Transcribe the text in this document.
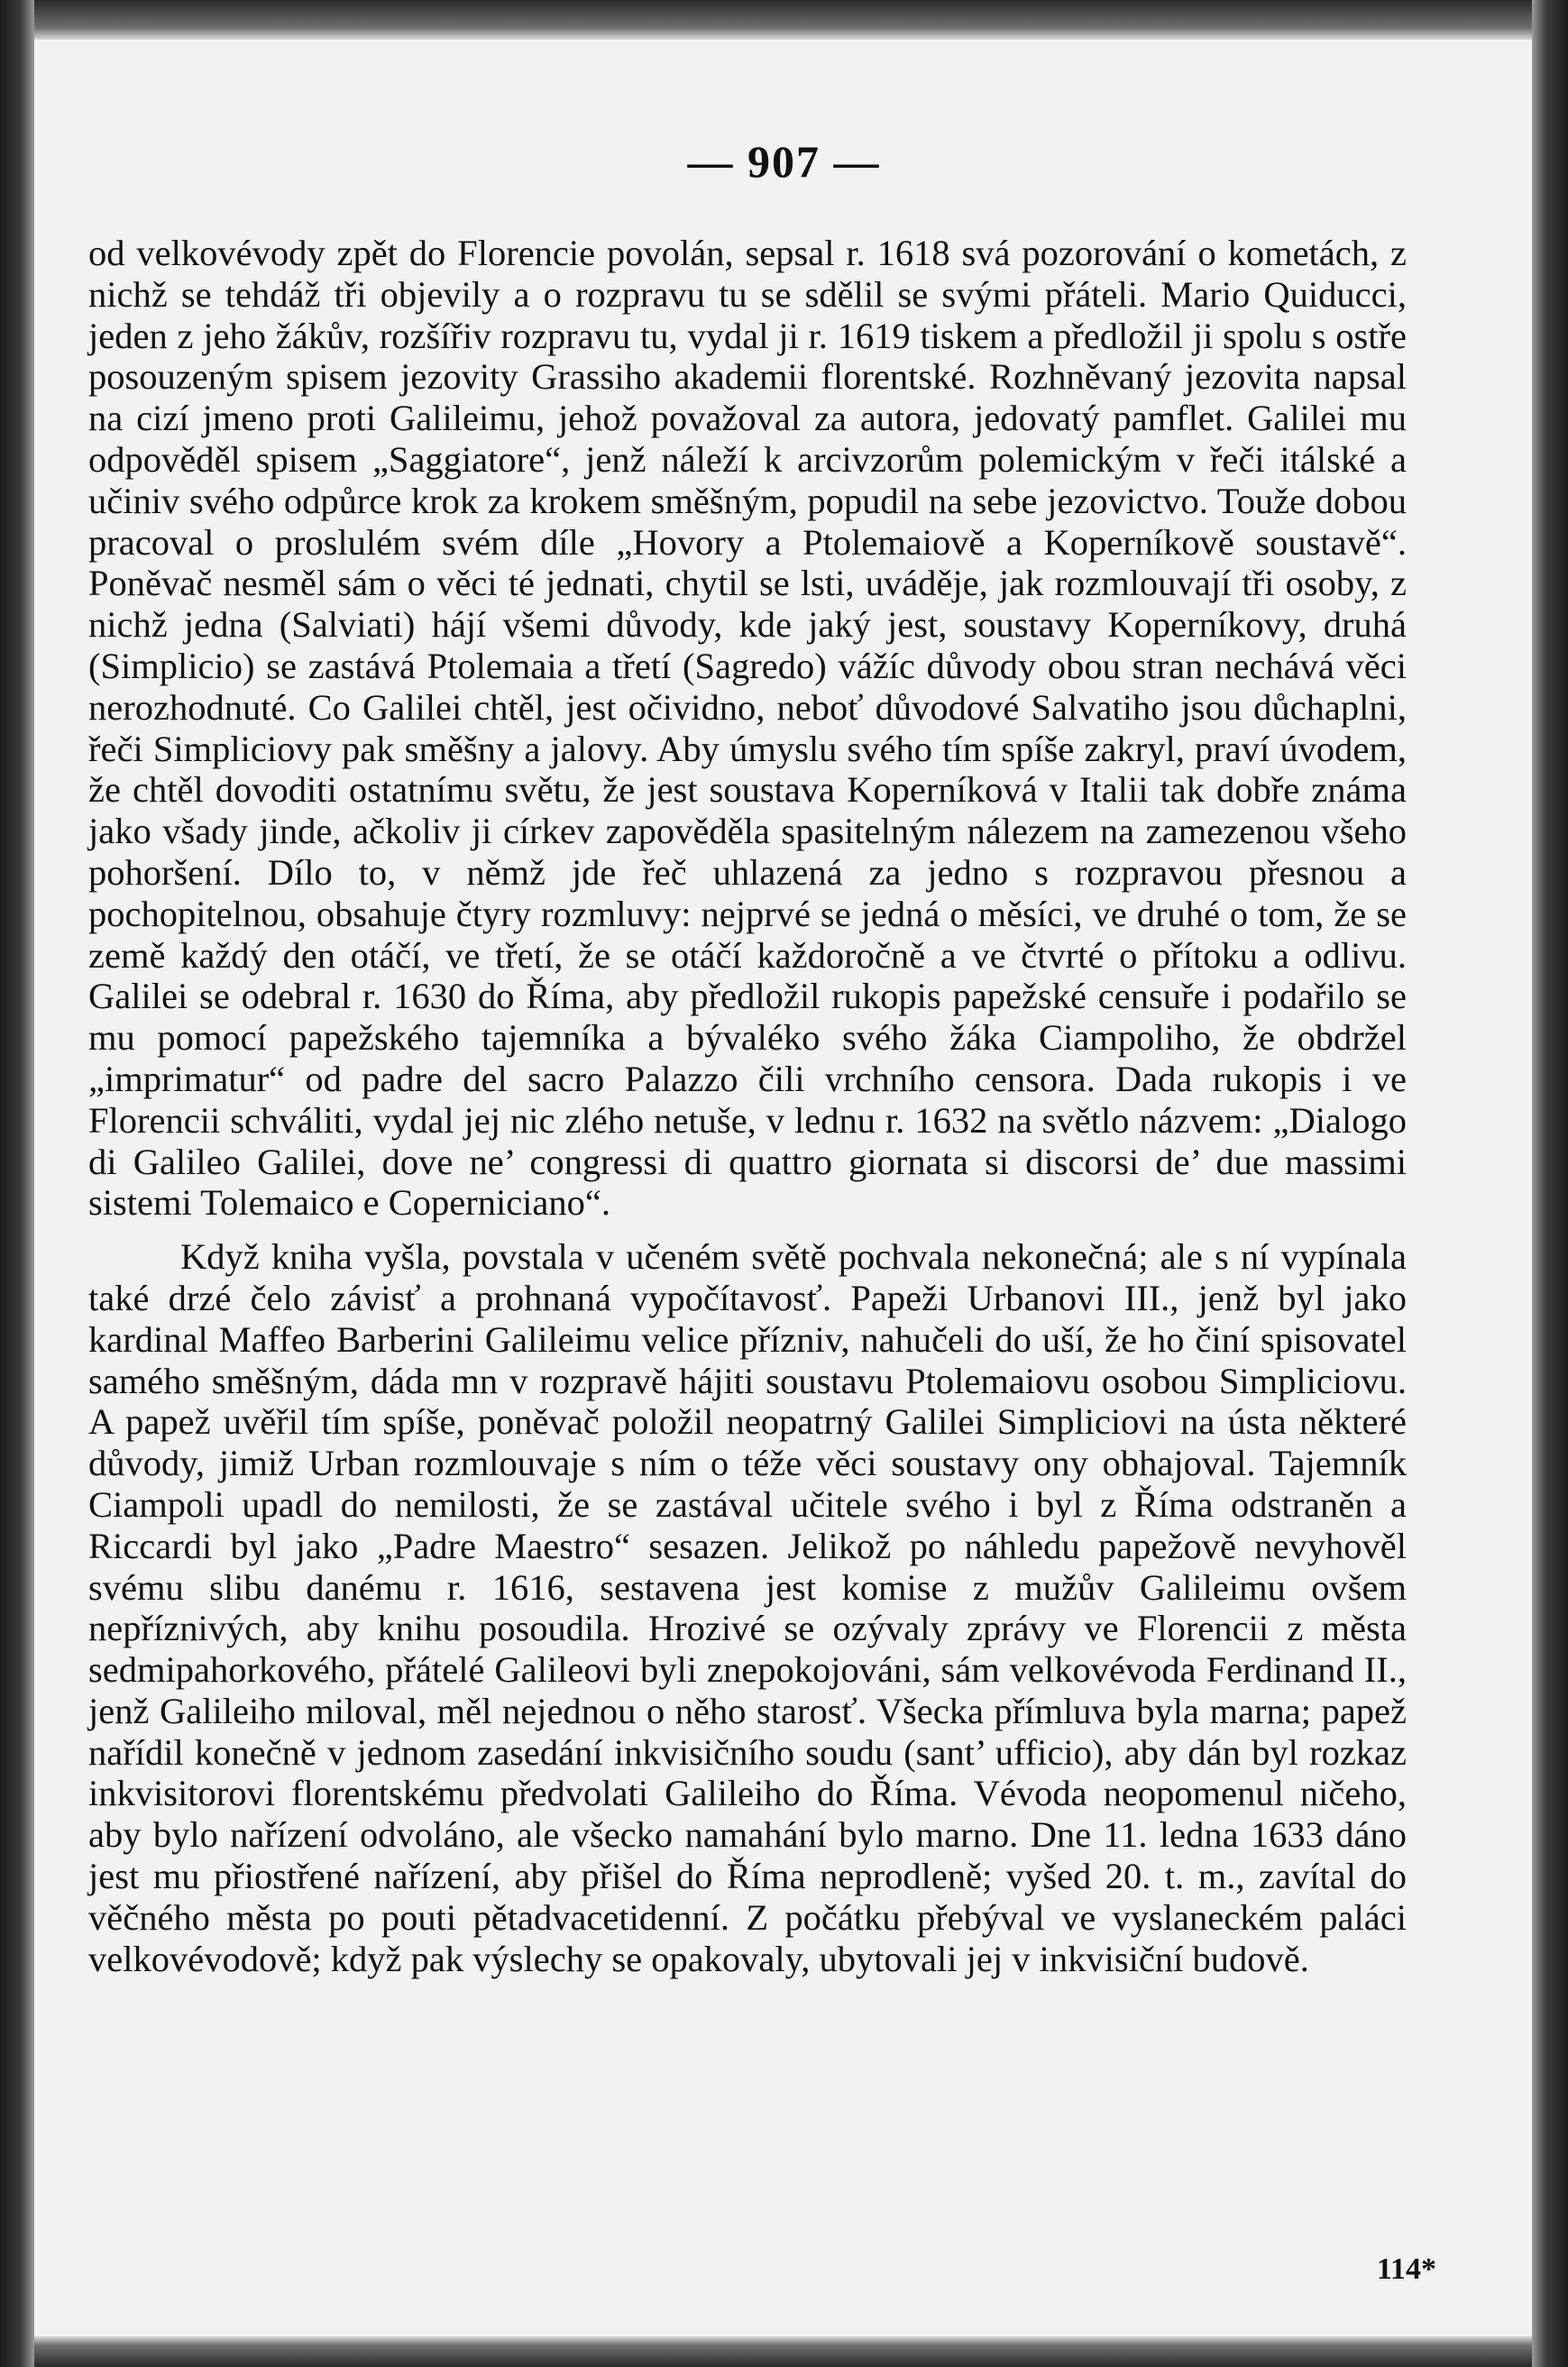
— 907 —

od velkovévody zpět do Florencie povolán, sepsal r. 1618 svá pozorování o kometách, z nichž se tehdáž tři objevily a o rozpravu tu se sdělil se svými přáteli. Mario Quiducci, jeden z jeho žákův, rozšířiv rozpravu tu, vydal ji r. 1619 tiskem a předložil ji spolu s ostře posouzeným spisem jezovity Grassiho akademii florentské. Rozhněvaný jezovita napsal na cizí jmeno proti Galileimu, jehož považoval za autora, jedovatý pamflet. Galilei mu odpověděl spisem „Saggiatore“, jenž náleží k arcivzorům polemickým v řeči itálské a učiniv svého odpůrce krok za krokem směšným, popudil na sebe jezovictvo. Touže dobou pracoval o proslulém svém díle „Hovory a Ptolemaiově a Koperníkově soustavě“. Poněvač nesměl sám o věci té jednati, chytil se lsti, uváděje, jak rozmlouvají tři osoby, z nichž jedna (Salviati) hájí všemi důvody, kde jaký jest, soustavy Koperníkovy, druhá (Simplicio) se zastává Ptolemaia a třetí (Sagredo) vážíc důvody obou stran nechává věci nerozhodnuté. Co Galilei chtěl, jest očividno, neboť důvodové Salvatiho jsou důchaplni, řeči Simpliciovy pak směšny a jalovy. Aby úmyslu svého tím spíše zakryl, praví úvodem, že chtěl dovoditi ostatnímu světu, že jest soustava Koperníková v Italii tak dobře známa jako všady jinde, ačkoliv ji církev zapověděla spasitelným nálezem na zamezenou všeho pohoršení. Dílo to, v němž jde řeč uhlazená za jedno s rozpravou přesnou a pochopitelnou, obsahuje čtyry rozmluvy: nejprvé se jedná o měsíci, ve druhé o tom, že se země každý den otáčí, ve třetí, že se otáčí každoročně a ve čtvrté o přítoku a odlivu. Galilei se odebral r. 1630 do Říma, aby předložil rukopis papežské censuře i podařilo se mu pomocí papežského tajemníka a bývaléko svého žáka Ciampoliho, že obdržel „imprimatur“ od padre del sacro Palazzo čili vrchního censora. Dada rukopis i ve Florencii schváliti, vydal jej nic zlého netuše, v lednu r. 1632 na světlo názvem: „Dialogo di Galileo Galilei, dove ne’ congressi di quattro giornata si discorsi de’ due massimi sistemi Tolemaico e Coperniciano“.

Když kniha vyšla, povstala v učeném světě pochvala nekonečná; ale s ní vypínala také drzé čelo závisť a prohnaná vypočítavosť. Papeži Urbanovi III., jenž byl jako kardinal Maffeo Barberini Galileimu velice přízniv, nahučeli do uší, že ho činí spisovatel samého směšným, dáda mn v rozpravě hájiti soustavu Ptolemaiovu osobou Simpliciovu. A papež uvěřil tím spíše, poněvač položil neopatrný Galilei Simpliciovi na ústa některé důvody, jimiž Urban rozmlouvaje s ním o téže věci soustavy ony obhajoval. Tajemník Ciampoli upadl do nemilosti, že se zastával učitele svého i byl z Říma odstraněn a Riccardi byl jako „Padre Maestro“ sesazen. Jelikož po náhledu papežově nevyhověl svému slibu danému r. 1616, sestavena jest komise z mužův Galileimu ovšem nepříznivých, aby knihu posoudila. Hrozivé se ozývaly zprávy ve Florencii z města sedmipahorkového, přátelé Galileovi byli znepokojováni, sám velkovévoda Ferdinand II., jenž Galileiho miloval, měl nejednou o něho starosť. Všecka přímluva byla marna; papež nařídil konečně v jednom zasedání inkvisičního soudu (sant’ ufficio), aby dán byl rozkaz inkvisitorovi florentskému předvolati Galileiho do Říma. Vévoda neopomenul ničeho, aby bylo nařízení odvoláno, ale všecko namahání bylo marno. Dne 11. ledna 1633 dáno jest mu přiostřené nařízení, aby přišel do Říma neprodleně; vyšed 20. t. m., zavítal do věčného města po pouti pětadvacetidenní. Z počátku přebýval ve vyslaneckém paláci velkovévodově; když pak výslechy se opakovaly, ubytovali jej v inkvisiční budově.

114*
